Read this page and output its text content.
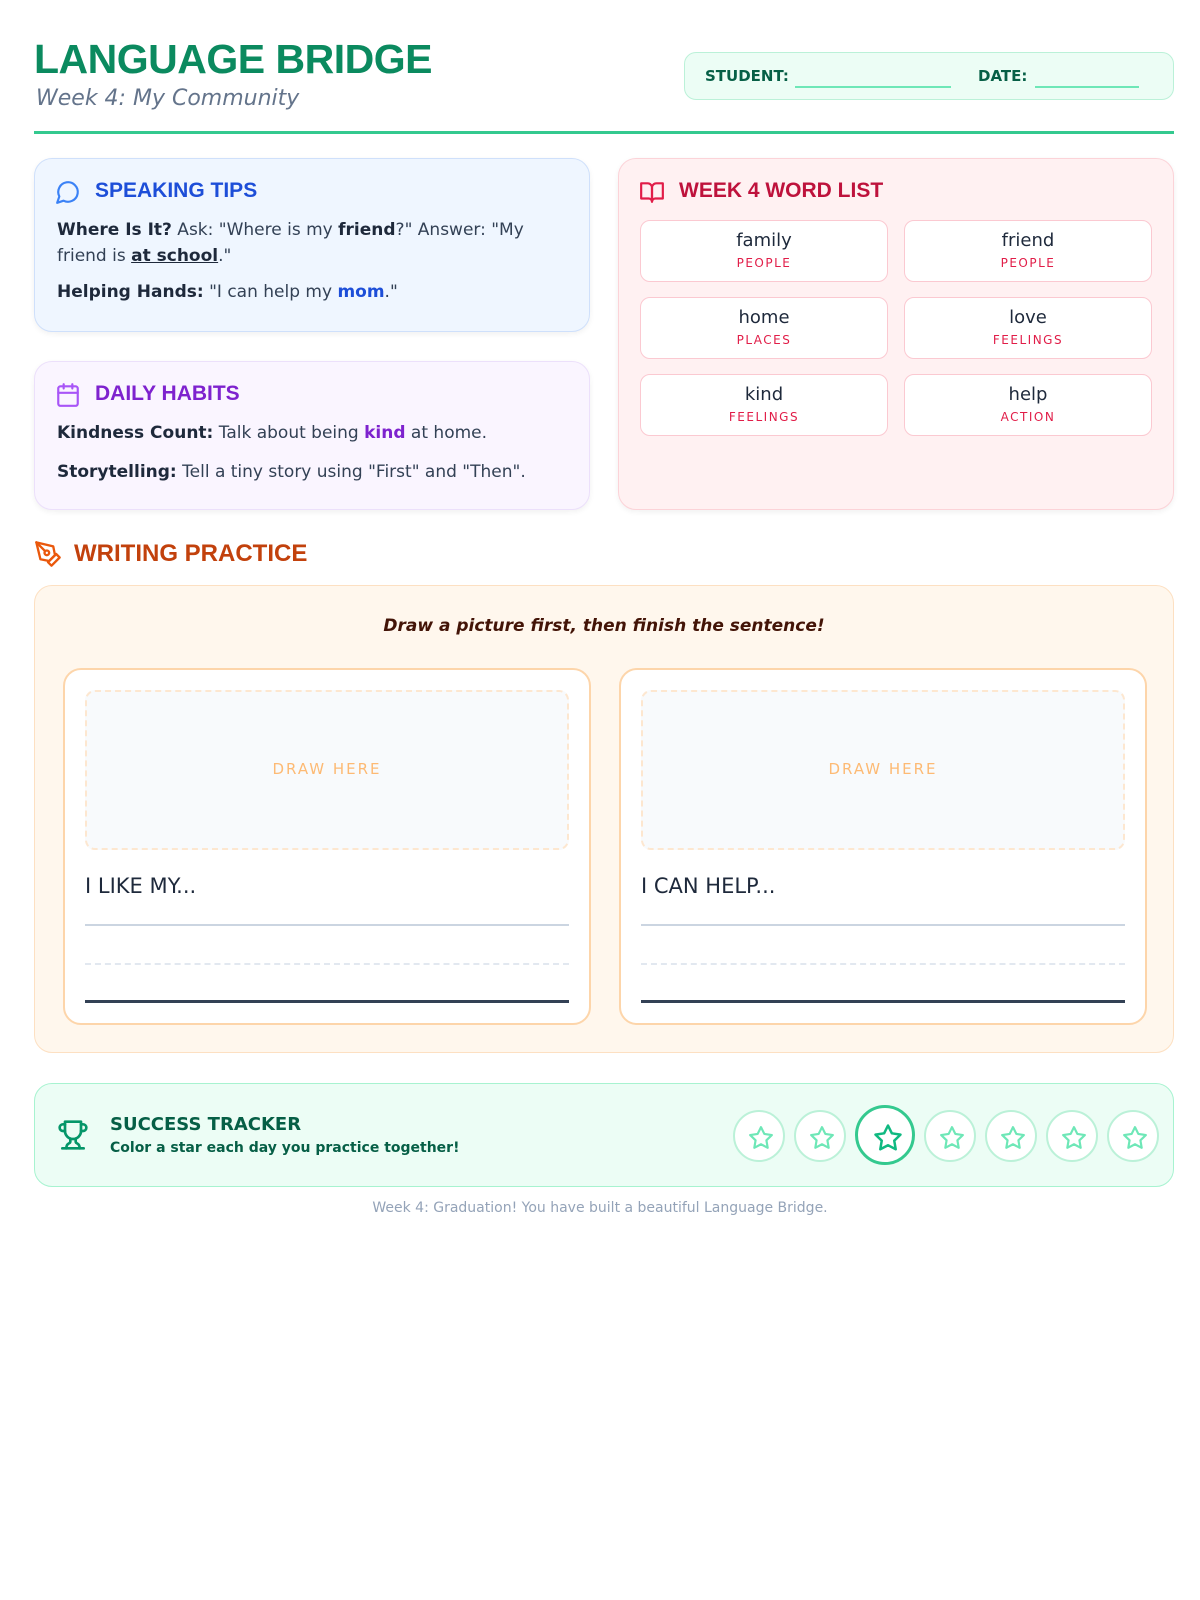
LANGUAGE BRIDGE
Week 4: My Community
STUDENT:	DATE:
SPEAKING TIPS

Where Is It? Ask: "Where is my friend?" Answer: "My friend is at school."

Helping Hands: "I can help my mom."

DAILY HABITS

Kindness Count: Talk about being kind at home.

Storytelling: Tell a tiny story using "First" and "Then".

WEEK 4 WORD LIST
family
PEOPLE
friend
PEOPLE
home
PLACES
love
FEELINGS
kind
FEELINGS
help
ACTION
WRITING PRACTICE
Draw a picture first, then finish the sentence!
DRAW HERE
I LIKE MY...
DRAW HERE
I CAN HELP...
SUCCESS TRACKER
Color a star each day you practice together!
Week 4: Graduation! You have built a beautiful Language Bridge.
